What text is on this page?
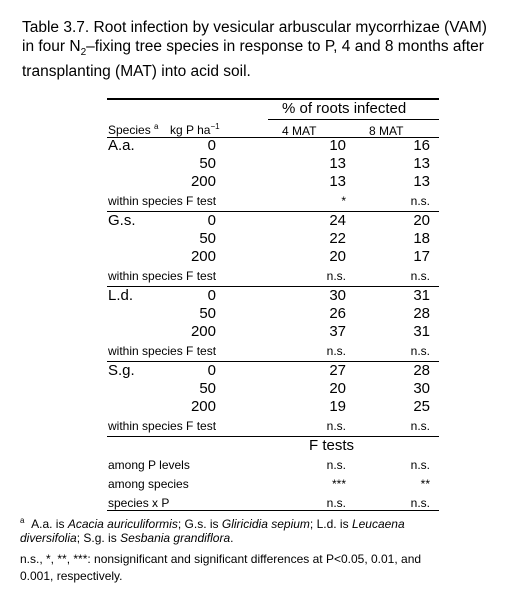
Table 3.7. Root infection by vesicular arbuscular mycorrhizae (VAM)
in four $N_2$–fixing tree species in response to P, 4 and 8 months after
transplanting (MAT) into acid soil.
% of roots infected
Species $^a$ kg P $ha^{-1}$	4 MAT	8 MAT
A.a.	0	10	16
50	13	13
200	13	13
within species F test	*	n.s.
G.s.	0	24	20
50	22	18
200	20	17
within species F test	n.s.	n.s.
L.d.	0	30	31
50	26	28
200	37	31
within species F test	n.s.	n.s.
S.g.	0	27	28
50	20	30
200	19	25
within species F test	n.s.	n.s.
F tests
among P levels	n.s.	n.s.
among species	***	**
species x P	n.s.	n.s.
$^a$ A.a. is Acacia auriculiformis; G.s. is Gliricidia sepium; L.d. is Leucaena
diversifolia; S.g. is Sesbania grandiflora.
n.s., *, **, ***: nonsignificant and significant differences at P<0.05, 0.01, and
0.001, respectively.
